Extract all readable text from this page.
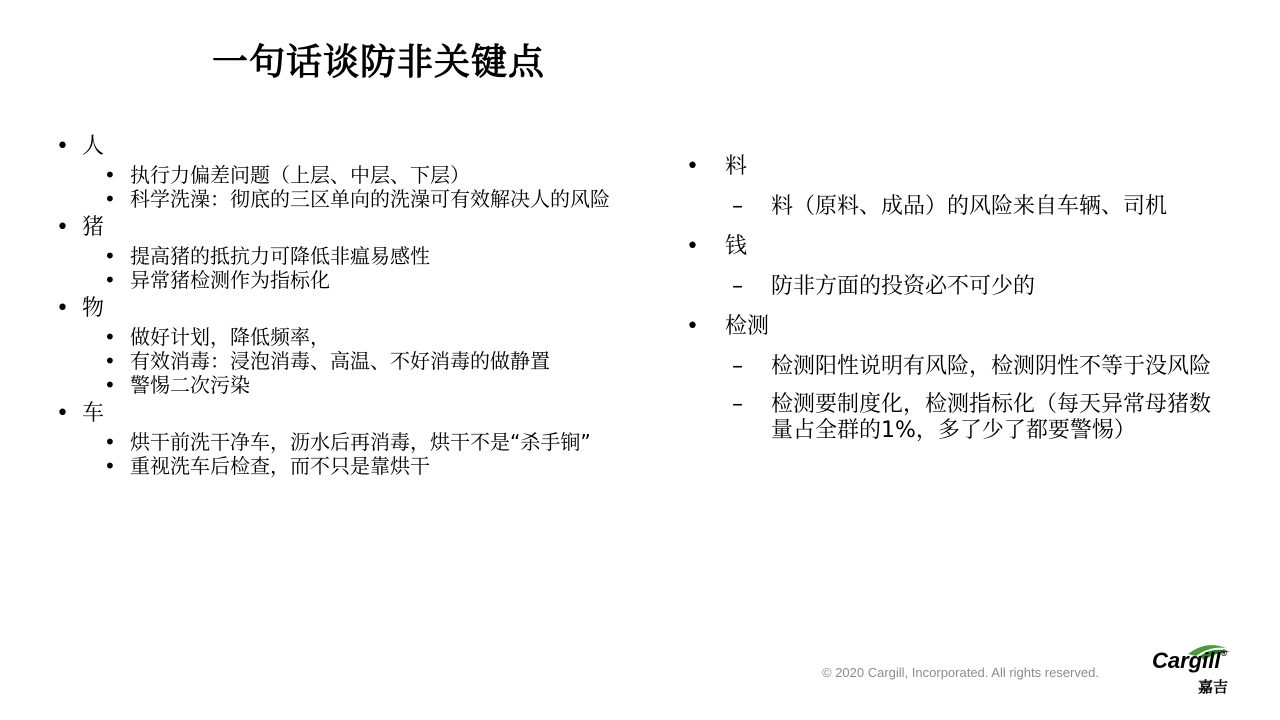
一句话谈防非关键点
• 人
• 执行力偏差问题（上层、中层、下层）
• 科学洗澡：彻底的三区单向的洗澡可有效解决人的风险
• 猪
• 提高猪的抵抗力可降低非瘟易感性
• 异常猪检测作为指标化
• 物
• 做好计划，降低频率，
• 有效消毒：浸泡消毒、高温、不好消毒的做静置
• 警惕二次污染
• 车
• 烘干前洗干净车，沥水后再消毒，烘干不是“杀手锏”
• 重视洗车后检查，而不只是靠烘干
• 料
– 料（原料、成品）的风险来自车辆、司机
• 钱
– 防非方面的投资必不可少的
• 检测
– 检测阳性说明有风险，检测阴性不等于没风险
– 检测要制度化，检测指标化（每天异常母猪数量占全群的1%，多了少了都要警惕）
© 2020 Cargill, Incorporated. All rights reserved. Cargill®
嘉吉
